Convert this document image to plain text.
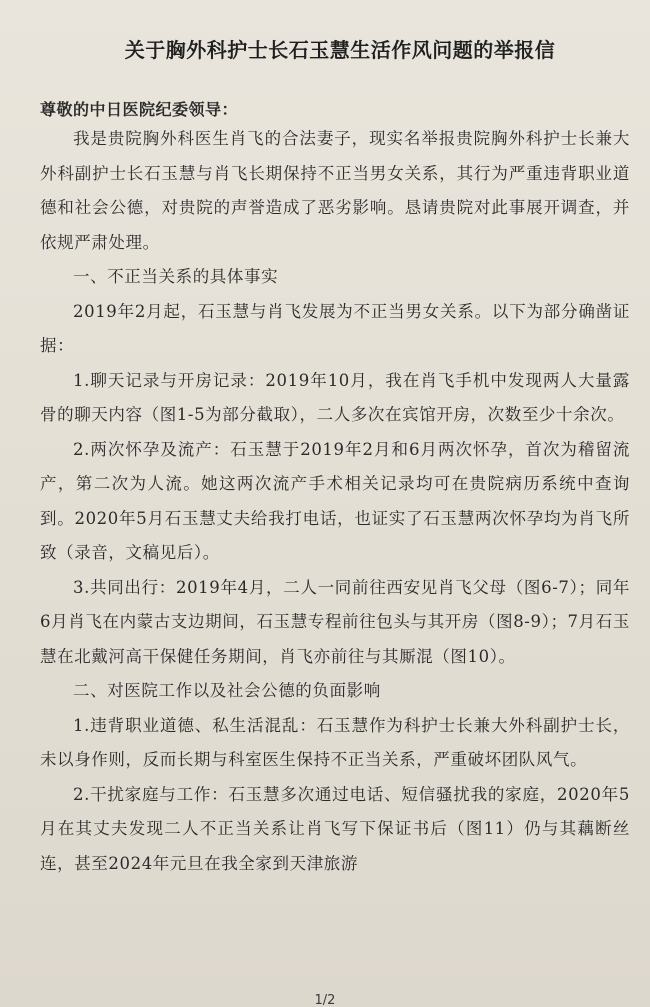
关于胸外科护士长石玉慧生活作风问题的举报信
尊敬的中日医院纪委领导：

我是贵院胸外科医生肖飞的合法妻子，现实名举报贵院胸外科护士长兼大外科副护士长石玉慧与肖飞长期保持不正当男女关系，其行为严重违背职业道德和社会公德，对贵院的声誉造成了恶劣影响。恳请贵院对此事展开调查，并依规严肃处理。

一、不正当关系的具体事实

2019年2月起，石玉慧与肖飞发展为不正当男女关系。以下为部分确凿证据：

1.聊天记录与开房记录：2019年10月，我在肖飞手机中发现两人大量露骨的聊天内容（图1-5为部分截取），二人多次在宾馆开房，次数至少十余次。

2.两次怀孕及流产：石玉慧于2019年2月和6月两次怀孕，首次为稽留流产，第二次为人流。她这两次流产手术相关记录均可在贵院病历系统中查询到。2020年5月石玉慧丈夫给我打电话，也证实了石玉慧两次怀孕均为肖飞所致（录音，文稿见后）。

3.共同出行：2019年4月，二人一同前往西安见肖飞父母（图6-7）；同年6月肖飞在内蒙古支边期间，石玉慧专程前往包头与其开房（图8-9）；7月石玉慧在北戴河高干保健任务期间，肖飞亦前往与其厮混（图10）。

二、对医院工作以及社会公德的负面影响

1.违背职业道德、私生活混乱：石玉慧作为科护士长兼大外科副护士长，未以身作则，反而长期与科室医生保持不正当关系，严重破坏团队风气。

2.干扰家庭与工作：石玉慧多次通过电话、短信骚扰我的家庭，2020年5月在其丈夫发现二人不正当关系让肖飞写下保证书后（图11）仍与其藕断丝连，甚至2024年元旦在我全家到天津旅游

1/2
